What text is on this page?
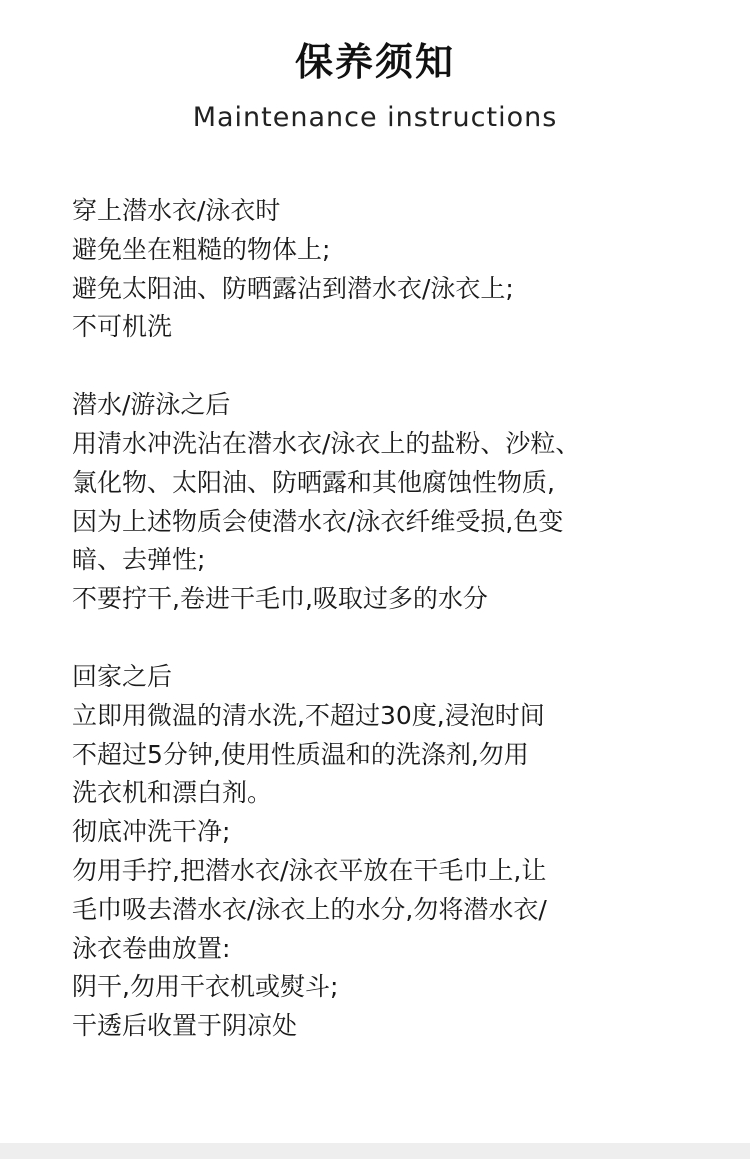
保养须知
Maintenance instructions
穿上潜水衣/泳衣时
避免坐在粗糙的物体上;
避免太阳油、防晒露沾到潜水衣/泳衣上;
不可机洗
潜水/游泳之后
用清水冲洗沾在潜水衣/泳衣上的盐粉、沙粒、
氯化物、太阳油、防晒露和其他腐蚀性物质,
因为上述物质会使潜水衣/泳衣纤维受损,色变
暗、去弹性;
不要拧干,卷进干毛巾,吸取过多的水分
回家之后
立即用微温的清水洗,不超过30度,浸泡时间
不超过5分钟,使用性质温和的洗涤剂,勿用
洗衣机和漂白剂。
彻底冲洗干净;
勿用手拧,把潜水衣/泳衣平放在干毛巾上,让
毛巾吸去潜水衣/泳衣上的水分,勿将潜水衣/
泳衣卷曲放置:
阴干,勿用干衣机或熨斗;
干透后收置于阴凉处
